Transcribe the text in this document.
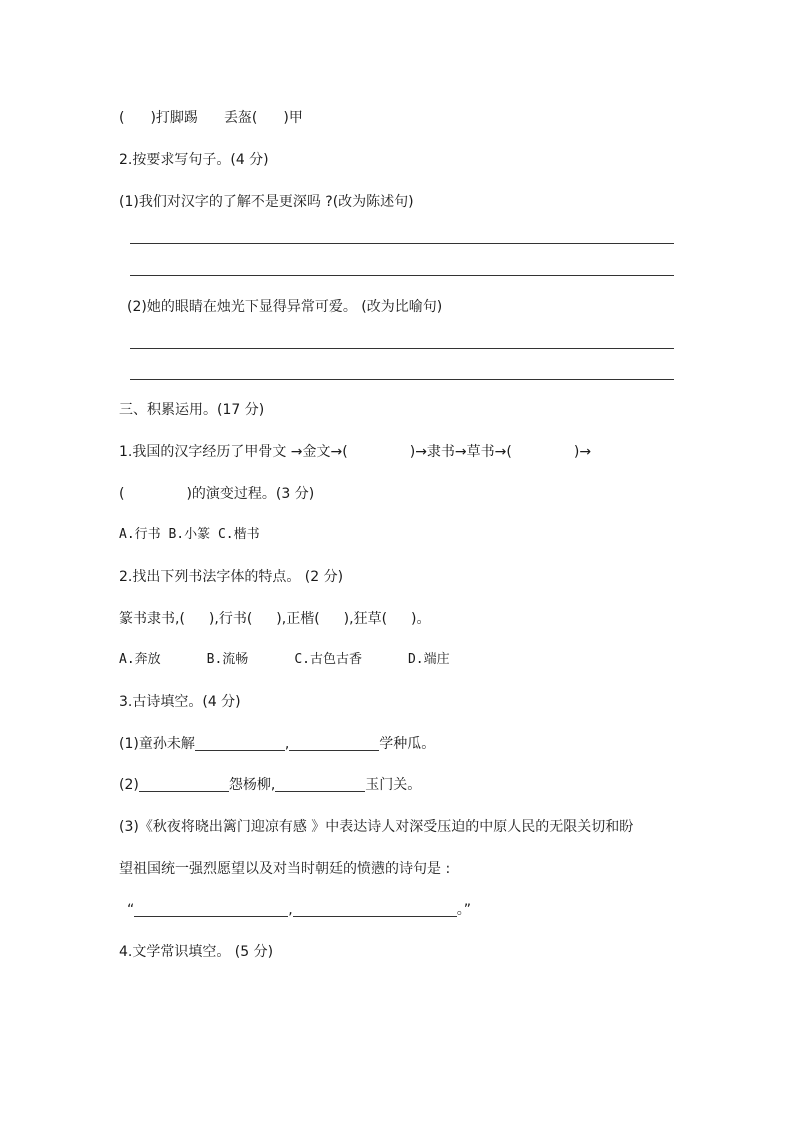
( )打脚踢 丢盔( )甲
2.按要求写句子。(4 分)
(1)我们对汉字的了解不是更深吗 ?(改为陈述句)
(2)她的眼睛在烛光下显得异常可爱。 (改为比喻句)
三、积累运用。(17 分)
1.我国的汉字经历了甲骨文 →金文→(	)→隶书→草书→(	)→
(	)的演变过程。(3 分)
A.行书 B.小篆 C.楷书
2.找出下列书法字体的特点。 (2 分)
篆书隶书,( ),行书( ),正楷( ),狂草( )。
A.奔放	B.流畅	C.古色古香	D.端庄
3.古诗填空。(4 分)
(1)童孙未解	,	学种瓜。
(2)	怨杨柳,	玉门关。
(3)《秋夜将晓出篱门迎凉有感 》中表达诗人对深受压迫的中原人民的无限关切和盼
望祖国统一强烈愿望以及对当时朝廷的愤懑的诗句是 :
“	,	。”
4.文学常识填空。 (5 分)
